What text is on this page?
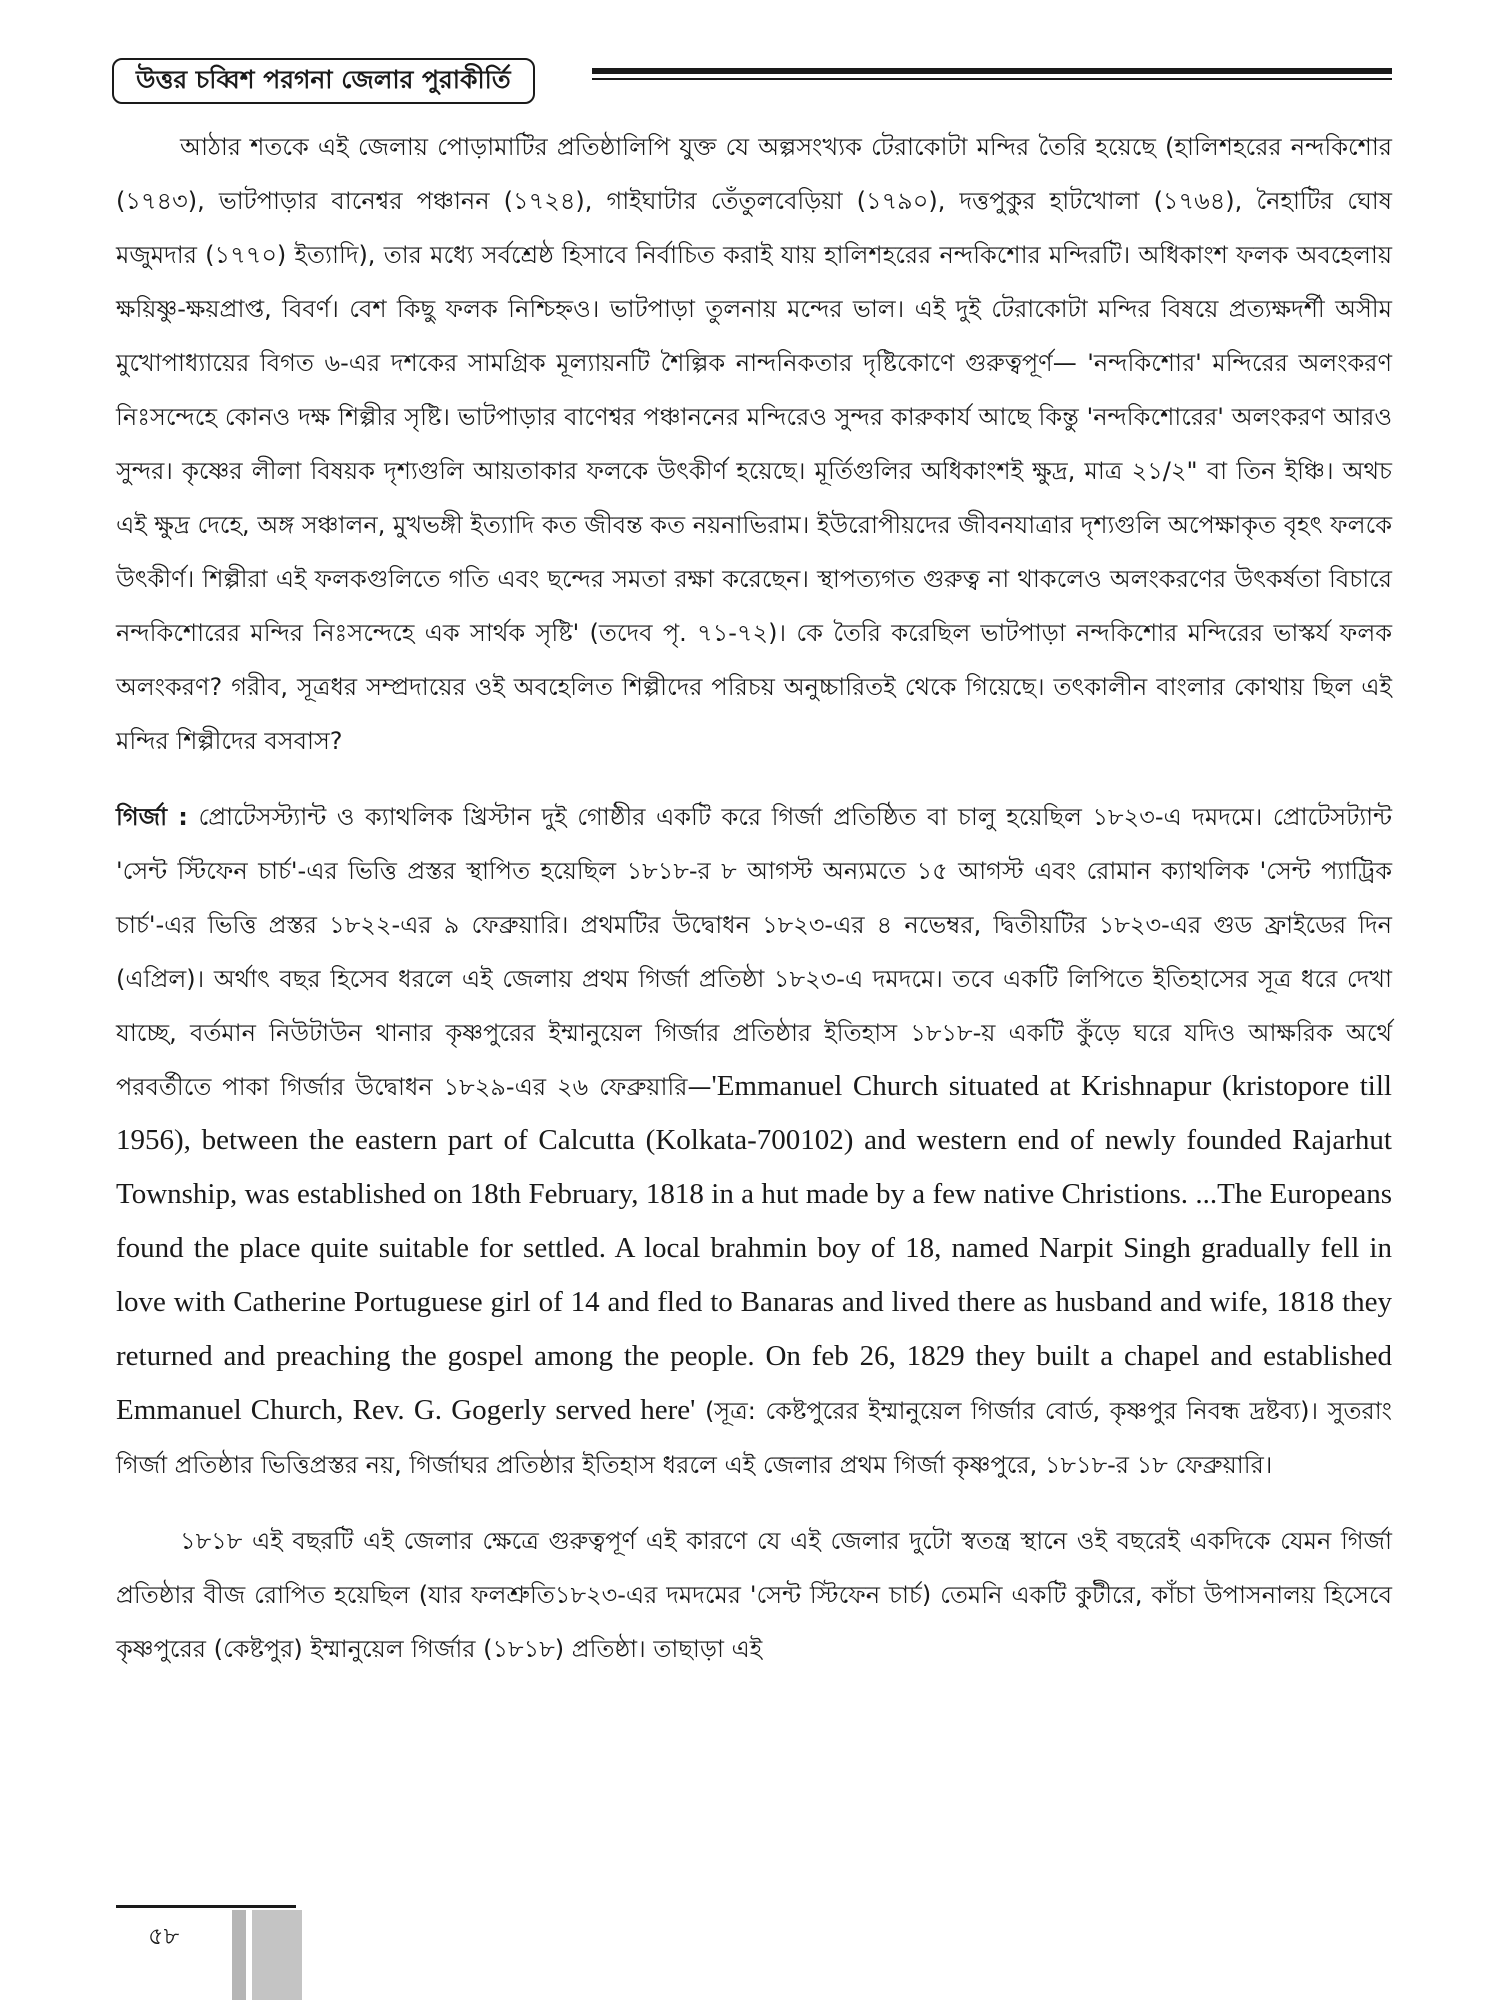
উত্তর চব্বিশ পরগনা জেলার পুরাকীর্তি

আঠার শতকে এই জেলায় পোড়ামাটির প্রতিষ্ঠালিপি যুক্ত যে অল্পসংখ্যক টেরাকোটা মন্দির তৈরি হয়েছে (হালিশহরের নন্দকিশোর (১৭৪৩), ভাটপাড়ার বানেশ্বর পঞ্চানন (১৭২৪), গাইঘাটার তেঁতুলবেড়িয়া (১৭৯০), দত্তপুকুর হাটখোলা (১৭৬৪), নৈহাটির ঘোষ মজুমদার (১৭৭০) ইত্যাদি), তার মধ্যে সর্বশ্রেষ্ঠ হিসাবে নির্বাচিত করাই যায় হালিশহরের নন্দকিশোর মন্দিরটি। অধিকাংশ ফলক অবহেলায় ক্ষয়িষ্ণু-ক্ষয়প্রাপ্ত, বিবর্ণ। বেশ কিছু ফলক নিশ্চিহ্নও। ভাটপাড়া তুলনায় মন্দের ভাল। এই দুই টেরাকোটা মন্দির বিষয়ে প্রত্যক্ষদর্শী অসীম মুখোপাধ্যায়ের বিগত ৬-এর দশকের সামগ্রিক মূল্যায়নটি শৈল্পিক নান্দনিকতার দৃষ্টিকোণে গুরুত্বপূর্ণ— 'নন্দকিশোর' মন্দিরের অলংকরণ নিঃসন্দেহে কোনও দক্ষ শিল্পীর সৃষ্টি। ভাটপাড়ার বাণেশ্বর পঞ্চাননের মন্দিরেও সুন্দর কারুকার্য আছে কিন্তু 'নন্দকিশোরের' অলংকরণ আরও সুন্দর। কৃষ্ণের লীলা বিষয়ক দৃশ্যগুলি আয়তাকার ফলকে উৎকীর্ণ হয়েছে। মূর্তিগুলির অধিকাংশই ক্ষুদ্র, মাত্র ২১/২" বা তিন ইঞ্চি। অথচ এই ক্ষুদ্র দেহে, অঙ্গ সঞ্চালন, মুখভঙ্গী ইত্যাদি কত জীবন্ত কত নয়নাভিরাম। ইউরোপীয়দের জীবনযাত্রার দৃশ্যগুলি অপেক্ষাকৃত বৃহৎ ফলকে উৎকীর্ণ। শিল্পীরা এই ফলকগুলিতে গতি এবং ছন্দের সমতা রক্ষা করেছেন। স্থাপত্যগত গুরুত্ব না থাকলেও অলংকরণের উৎকর্ষতা বিচারে নন্দকিশোরের মন্দির নিঃসন্দেহে এক সার্থক সৃষ্টি' (তদেব পৃ. ৭১-৭২)। কে তৈরি করেছিল ভাটপাড়া নন্দকিশোর মন্দিরের ভাস্কর্য ফলক অলংকরণ? গরীব, সূত্রধর সম্প্রদায়ের ওই অবহেলিত শিল্পীদের পরিচয় অনুচ্চারিতই থেকে গিয়েছে। তৎকালীন বাংলার কোথায় ছিল এই মন্দির শিল্পীদের বসবাস?

গির্জা : প্রোটেসস্ট্যান্ট ও ক্যাথলিক খ্রিস্টান দুই গোষ্ঠীর একটি করে গির্জা প্রতিষ্ঠিত বা চালু হয়েছিল ১৮২৩-এ দমদমে। প্রোটেসট্যান্ট 'সেন্ট স্টিফেন চার্চ'-এর ভিত্তি প্রস্তর স্থাপিত হয়েছিল ১৮১৮-র ৮ আগস্ট অন্যমতে ১৫ আগস্ট এবং রোমান ক্যাথলিক 'সেন্ট প্যাট্রিক চার্চ'-এর ভিত্তি প্রস্তর ১৮২২-এর ৯ ফেব্রুয়ারি। প্রথমটির উদ্বোধন ১৮২৩-এর ৪ নভেম্বর, দ্বিতীয়টির ১৮২৩-এর গুড ফ্রাইডের দিন (এপ্রিল)। অর্থাৎ বছর হিসেব ধরলে এই জেলায় প্রথম গির্জা প্রতিষ্ঠা ১৮২৩-এ দমদমে। তবে একটি লিপিতে ইতিহাসের সূত্র ধরে দেখা যাচ্ছে, বর্তমান নিউটাউন থানার কৃষ্ণপুরের ইম্মানুয়েল গির্জার প্রতিষ্ঠার ইতিহাস ১৮১৮-য় একটি কুঁড়ে ঘরে যদিও আক্ষরিক অর্থে পরবর্তীতে পাকা গির্জার উদ্বোধন ১৮২৯-এর ২৬ ফেব্রুয়ারি—'Emmanuel Church situated at Krishnapur (kristopore till 1956), between the eastern part of Calcutta (Kolkata-700102) and western end of newly founded Rajarhut Township, was established on 18th February, 1818 in a hut made by a few native Christions. ...The Europeans found the place quite suitable for settled. A local brahmin boy of 18, named Narpit Singh gradually fell in love with Catherine Portuguese girl of 14 and fled to Banaras and lived there as husband and wife, 1818 they returned and preaching the gospel among the people. On feb 26, 1829 they built a chapel and established Emmanuel Church, Rev. G. Gogerly served here' (সূত্র: কেষ্টপুরের ইম্মানুয়েল গির্জার বোর্ড, কৃষ্ণপুর নিবন্ধ দ্রষ্টব্য)। সুতরাং গির্জা প্রতিষ্ঠার ভিত্তিপ্রস্তর নয়, গির্জাঘর প্রতিষ্ঠার ইতিহাস ধরলে এই জেলার প্রথম গির্জা কৃষ্ণপুরে, ১৮১৮-র ১৮ ফেব্রুয়ারি।

১৮১৮ এই বছরটি এই জেলার ক্ষেত্রে গুরুত্বপূর্ণ এই কারণে যে এই জেলার দুটো স্বতন্ত্র স্থানে ওই বছরেই একদিকে যেমন গির্জা প্রতিষ্ঠার বীজ রোপিত হয়েছিল (যার ফলশ্রুতি১৮২৩-এর দমদমের 'সেন্ট স্টিফেন চার্চ) তেমনি একটি কুটীরে, কাঁচা উপাসনালয় হিসেবে কৃষ্ণপুরের (কেষ্টপুর) ইম্মানুয়েল গির্জার (১৮১৮) প্রতিষ্ঠা। তাছাড়া এই

৫৮
